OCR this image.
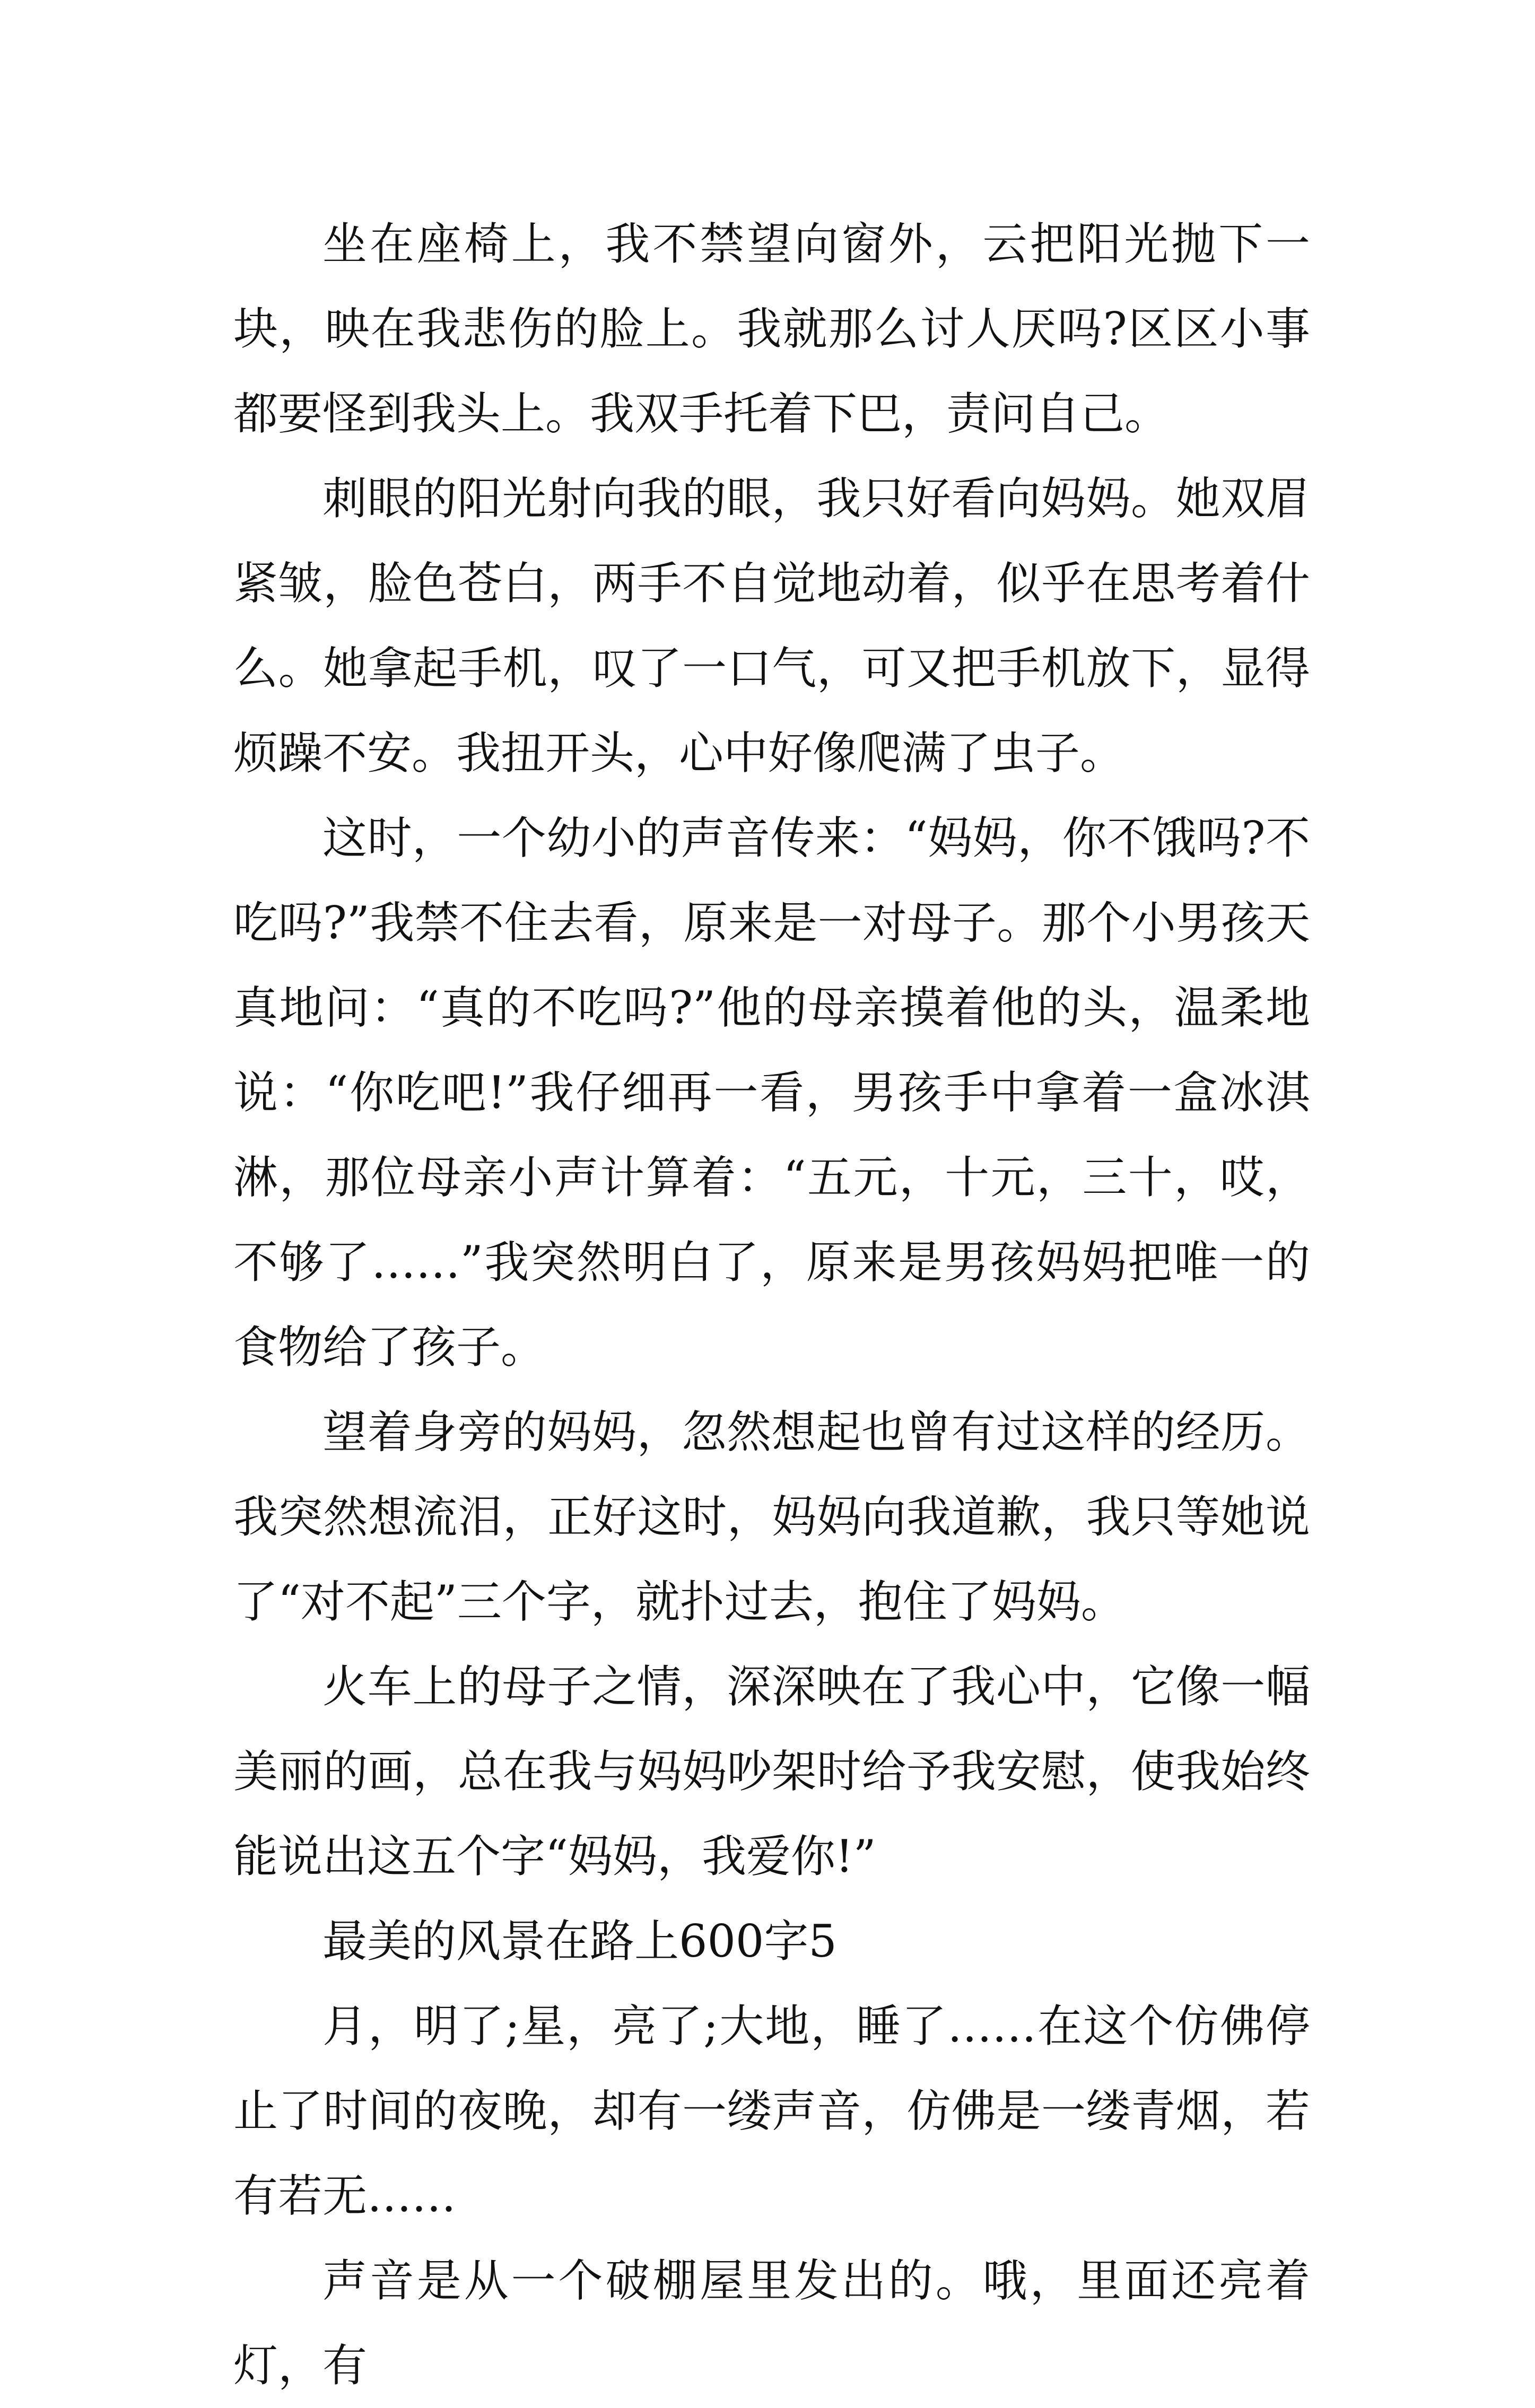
坐在座椅上，我不禁望向窗外，云把阳光抛下一块，映在我悲伤的脸上。我就那么讨人厌吗?区区小事都要怪到我头上。我双手托着下巴，责问自己。

刺眼的阳光射向我的眼，我只好看向妈妈。她双眉紧皱，脸色苍白，两手不自觉地动着，似乎在思考着什么。她拿起手机，叹了一口气，可又把手机放下，显得烦躁不安。我扭开头，心中好像爬满了虫子。

这时，一个幼小的声音传来：“妈妈，你不饿吗?不吃吗?”我禁不住去看，原来是一对母子。那个小男孩天真地问：“真的不吃吗?”他的母亲摸着他的头，温柔地说：“你吃吧!”我仔细再一看，男孩手中拿着一盒冰淇淋，那位母亲小声计算着：“五元，十元，三十，哎，不够了……”我突然明白了，原来是男孩妈妈把唯一的食物给了孩子。

望着身旁的妈妈，忽然想起也曾有过这样的经历。我突然想流泪，正好这时，妈妈向我道歉，我只等她说了“对不起”三个字，就扑过去，抱住了妈妈。

火车上的母子之情，深深映在了我心中，它像一幅美丽的画，总在我与妈妈吵架时给予我安慰，使我始终能说出这五个字“妈妈，我爱你!”

最美的风景在路上600字5

月，明了;星，亮了;大地，睡了……在这个仿佛停止了时间的夜晚，却有一缕声音，仿佛是一缕青烟，若有若无……

声音是从一个破棚屋里发出的。哦，里面还亮着灯，有
